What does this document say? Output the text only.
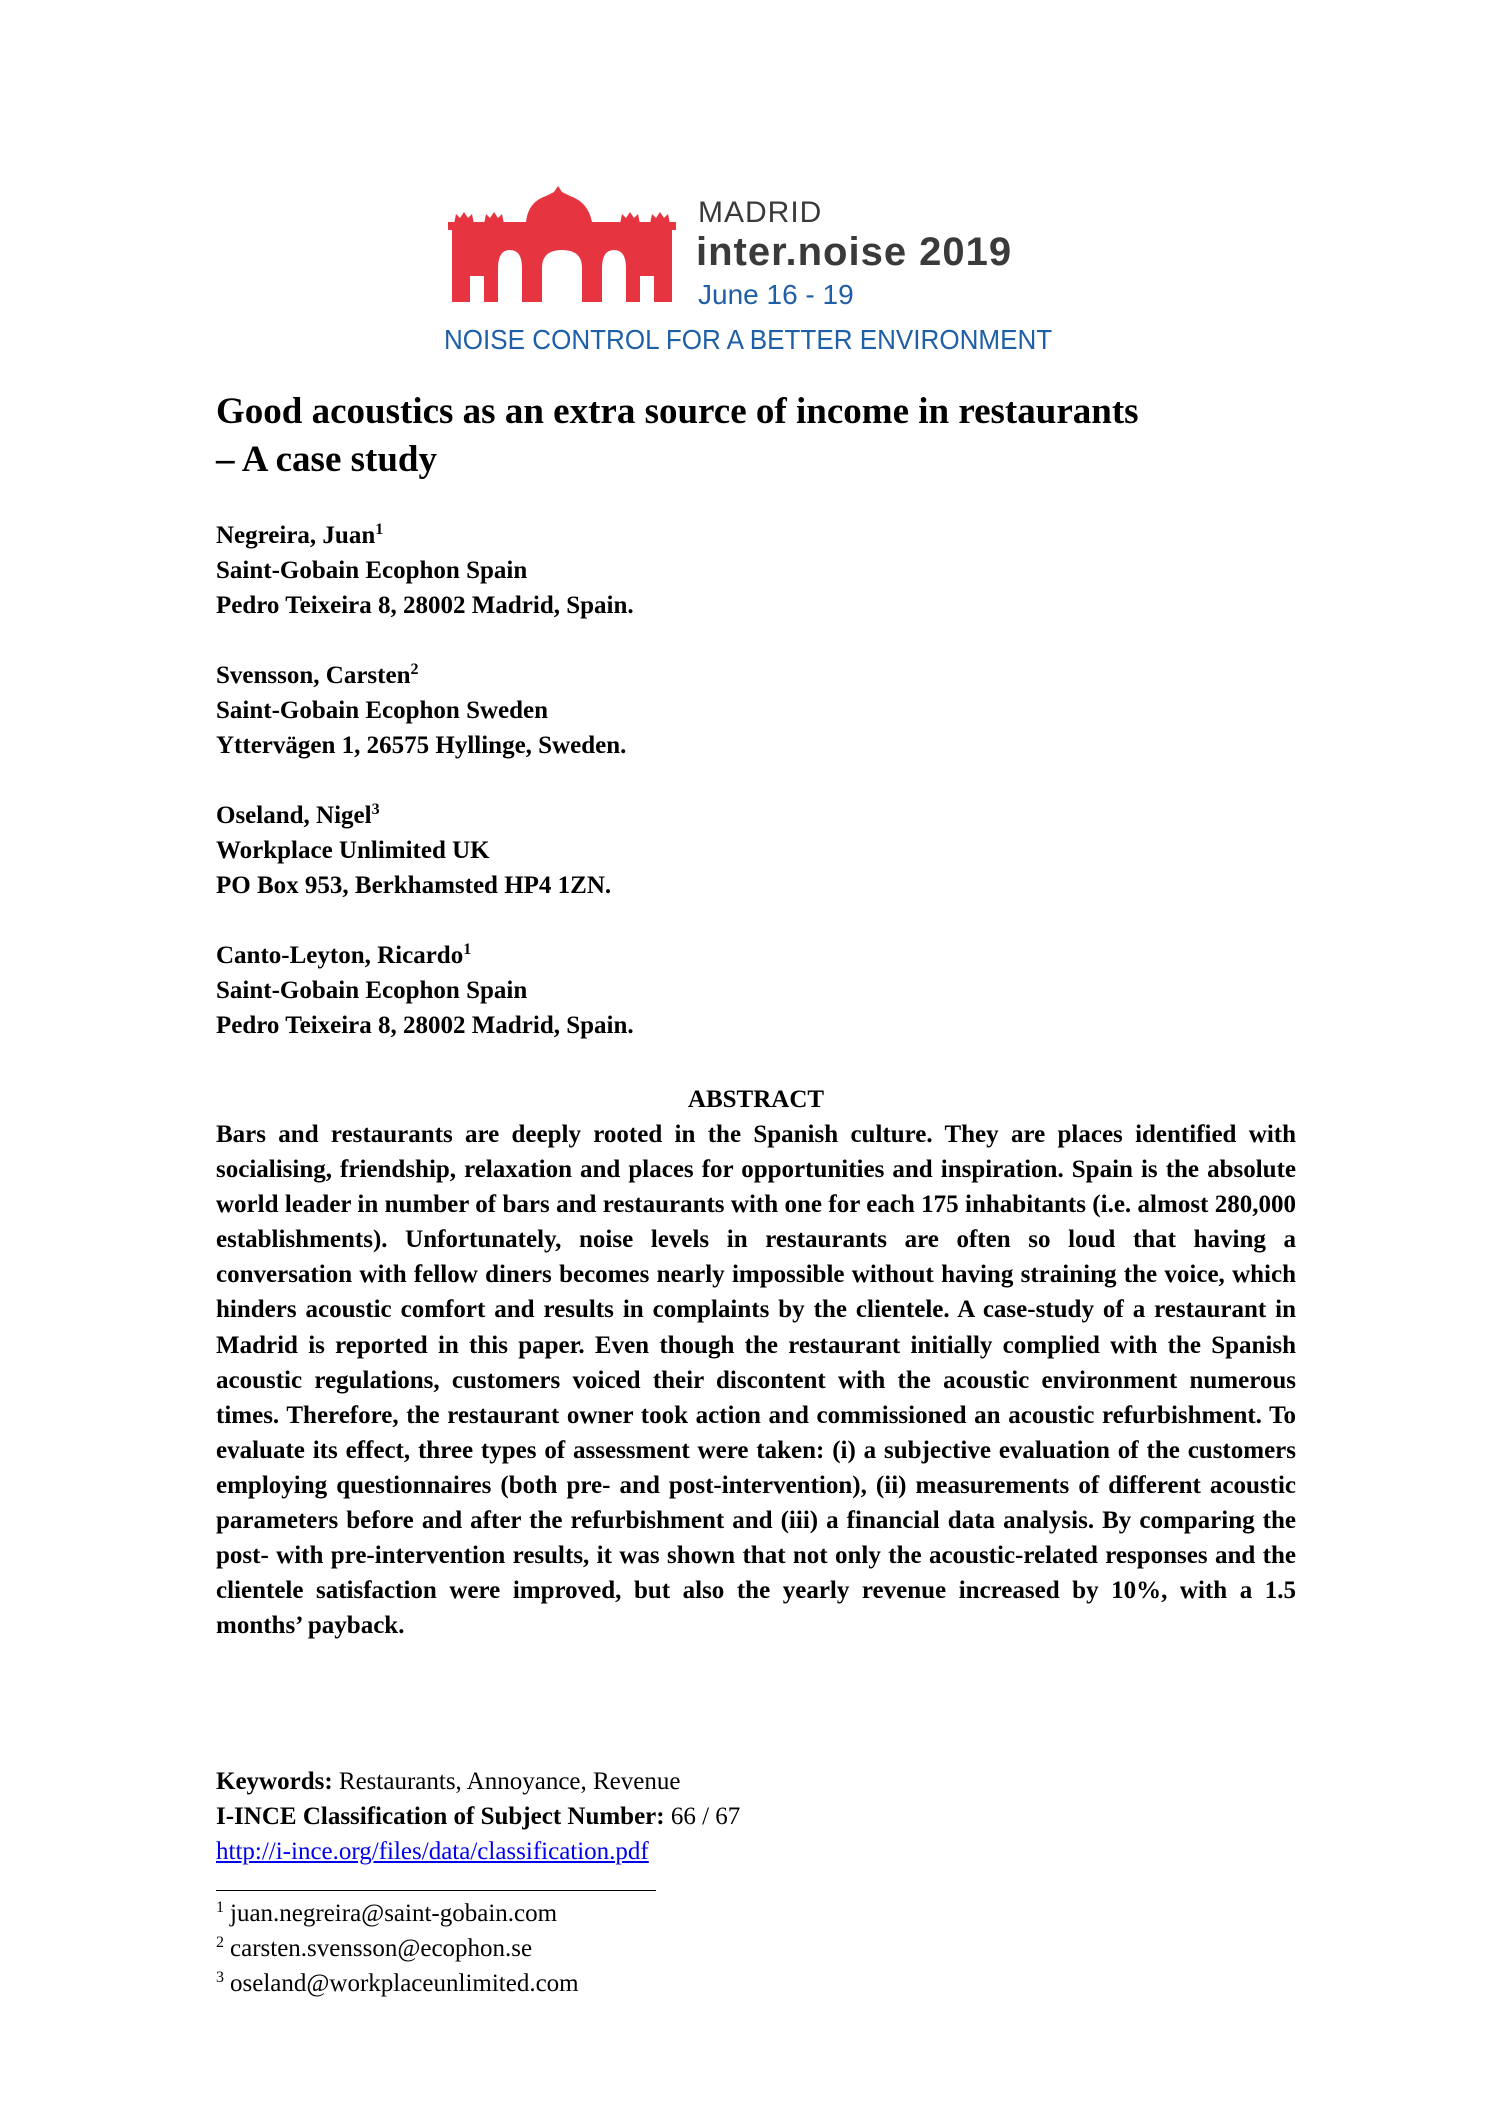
MADRID
inter.noise 2019
June 16 - 19
NOISE CONTROL FOR A BETTER ENVIRONMENT
Good acoustics as an extra source of income in restaurants
– A case study
Negreira, Juan$^1$
Saint-Gobain Ecophon Spain
Pedro Teixeira 8, 28002 Madrid, Spain.
Svensson, Carsten$^2$
Saint-Gobain Ecophon Sweden
Yttervägen 1, 26575 Hyllinge, Sweden.
Oseland, Nigel$^3$
Workplace Unlimited UK
PO Box 953, Berkhamsted HP4 1ZN.
Canto-Leyton, Ricardo$^1$
Saint-Gobain Ecophon Spain
Pedro Teixeira 8, 28002 Madrid, Spain.
ABSTRACT
Bars and restaurants are deeply rooted in the Spanish culture. They are places identified with socialising, friendship, relaxation and places for opportunities and inspiration. Spain is the absolute world leader in number of bars and restaurants with one for each 175 inhabitants (i.e. almost 280,000 establishments). Unfortunately, noise levels in restaurants are often so loud that having a conversation with fellow diners becomes nearly impossible without having straining the voice, which hinders acoustic comfort and results in complaints by the clientele. A case-study of a restaurant in Madrid is reported in this paper. Even though the restaurant initially complied with the Spanish acoustic regulations, customers voiced their discontent with the acoustic environment numerous times. Therefore, the restaurant owner took action and commissioned an acoustic refurbishment. To evaluate its effect, three types of assessment were taken: (i) a subjective evaluation of the customers employing questionnaires (both pre- and post-intervention), (ii) measurements of different acoustic parameters before and after the refurbishment and (iii) a financial data analysis. By comparing the post- with pre-intervention results, it was shown that not only the acoustic-related responses and the clientele satisfaction were improved, but also the yearly revenue increased by 10%, with a 1.5 months’ payback.
Keywords: Restaurants, Annoyance, Revenue
I-INCE Classification of Subject Number: 66 / 67
http://i-ince.org/files/data/classification.pdf
$^1$ juan.negreira@saint-gobain.com
$^2$ carsten.svensson@ecophon.se
$^3$ oseland@workplaceunlimited.com
